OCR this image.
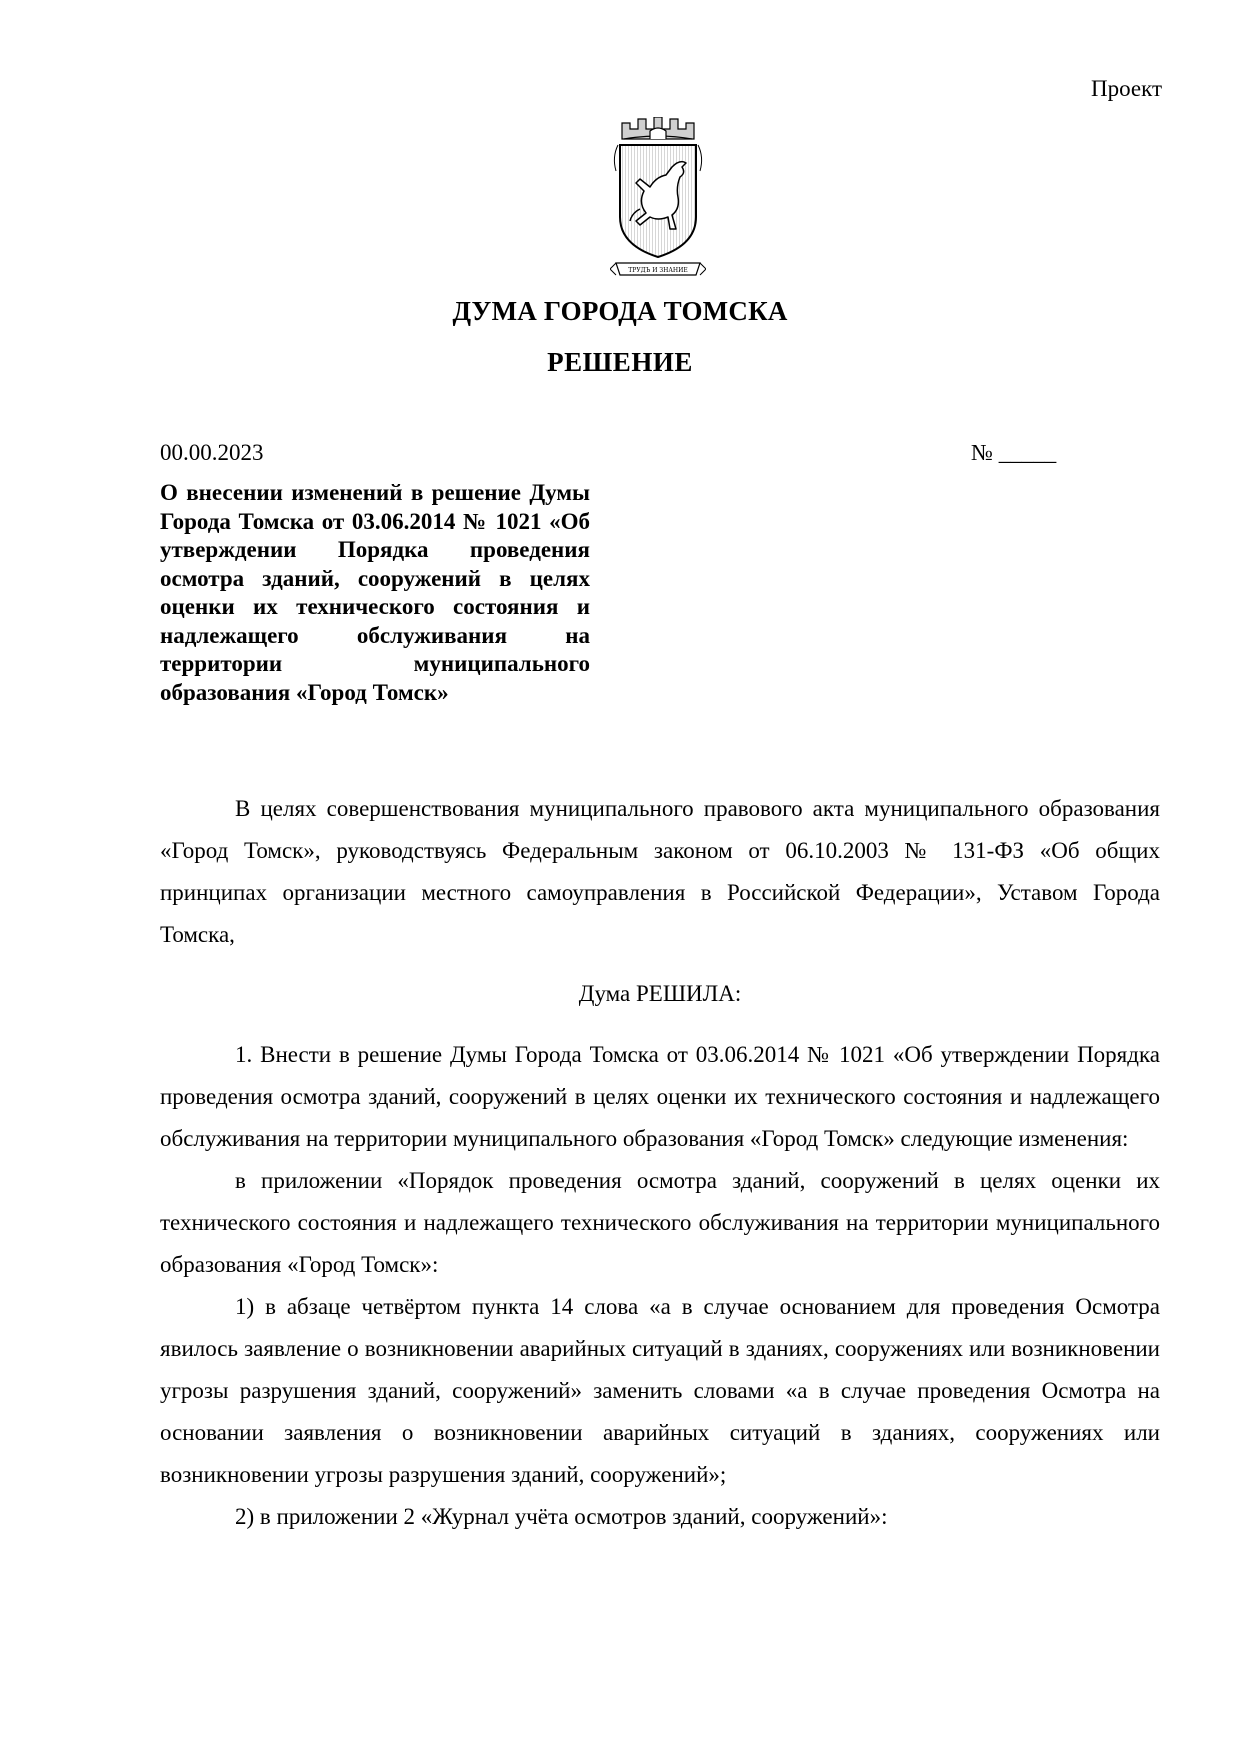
Проект
ТРУДЪ И ЗНАНИЕ
ДУМА ГОРОДА ТОМСКА
РЕШЕНИЕ
00.00.2023	№ _____

О внесении изменений в решение Думы Города Томска от 03.06.2014 № 1021 «Об утверждении Порядка проведения осмотра зданий, сооружений в целях оценки их технического состояния и надлежащего обслуживания на территории муниципального образования «Город Томск»

В целях совершенствования муниципального правового акта муниципального образования «Город Томск», руководствуясь Федеральным законом от 06.10.2003 № 131-ФЗ «Об общих принципах организации местного самоуправления в Российской Федерации», Уставом Города Томска,

Дума РЕШИЛА:

1. Внести в решение Думы Города Томска от 03.06.2014 № 1021 «Об утверждении Порядка проведения осмотра зданий, сооружений в целях оценки их технического состояния и надлежащего обслуживания на территории муниципального образования «Город Томск» следующие изменения:

в приложении «Порядок проведения осмотра зданий, сооружений в целях оценки их технического состояния и надлежащего технического обслуживания на территории муниципального образования «Город Томск»:

1) в абзаце четвёртом пункта 14 слова «а в случае основанием для проведения Осмотра явилось заявление о возникновении аварийных ситуаций в зданиях, сооружениях или возникновении угрозы разрушения зданий, сооружений» заменить словами «а в случае проведения Осмотра на основании заявления о возникновении аварийных ситуаций в зданиях, сооружениях или возникновении угрозы разрушения зданий, сооружений»;

2) в приложении 2 «Журнал учёта осмотров зданий, сооружений»:
